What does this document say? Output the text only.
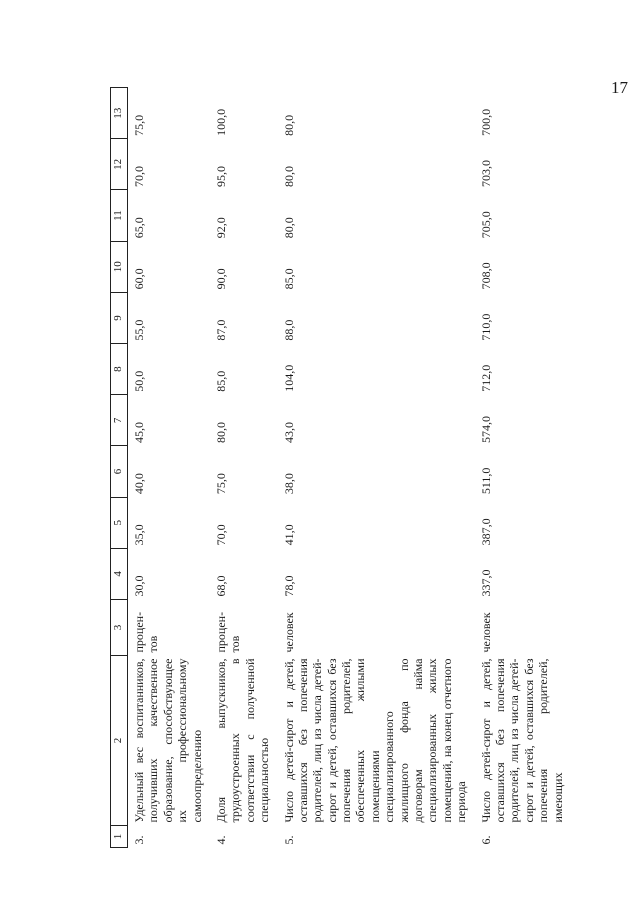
17
1	2	3	4	5	6	7	8	9	10	11	12	13
3.	Удельный вес воспитанников, получивших качественное образование, способствующее их профессиональному самоопределению	процен-тов	30,0	35,0	40,0	45,0	50,0	55,0	60,0	65,0	70,0	75,0
4.	Доля выпускников, трудоустроенных в соответствии с полученной специальностью	процен-тов	68,0	70,0	75,0	80,0	85,0	87,0	90,0	92,0	95,0	100,0
5.	Число детей-сирот и детей, оставшихся без попечения родителей, лиц из числа детей-сирот и детей, оставшихся без попечения родителей, обеспеченных жилыми помещениями специализированного жилищного фонда по договорам найма специализированных жилых помещений, на конец отчетного периода	человек	78,0	41,0	38,0	43,0	104,0	88,0	85,0	80,0	80,0	80,0
6.	Число детей-сирот и детей, оставшихся без попечения родителей, лиц из числа детей-сирот и детей, оставшихся без попечения родителей, имеющих	человек	337,0	387,0	511,0	574,0	712,0	710,0	708,0	705,0	703,0	700,0
